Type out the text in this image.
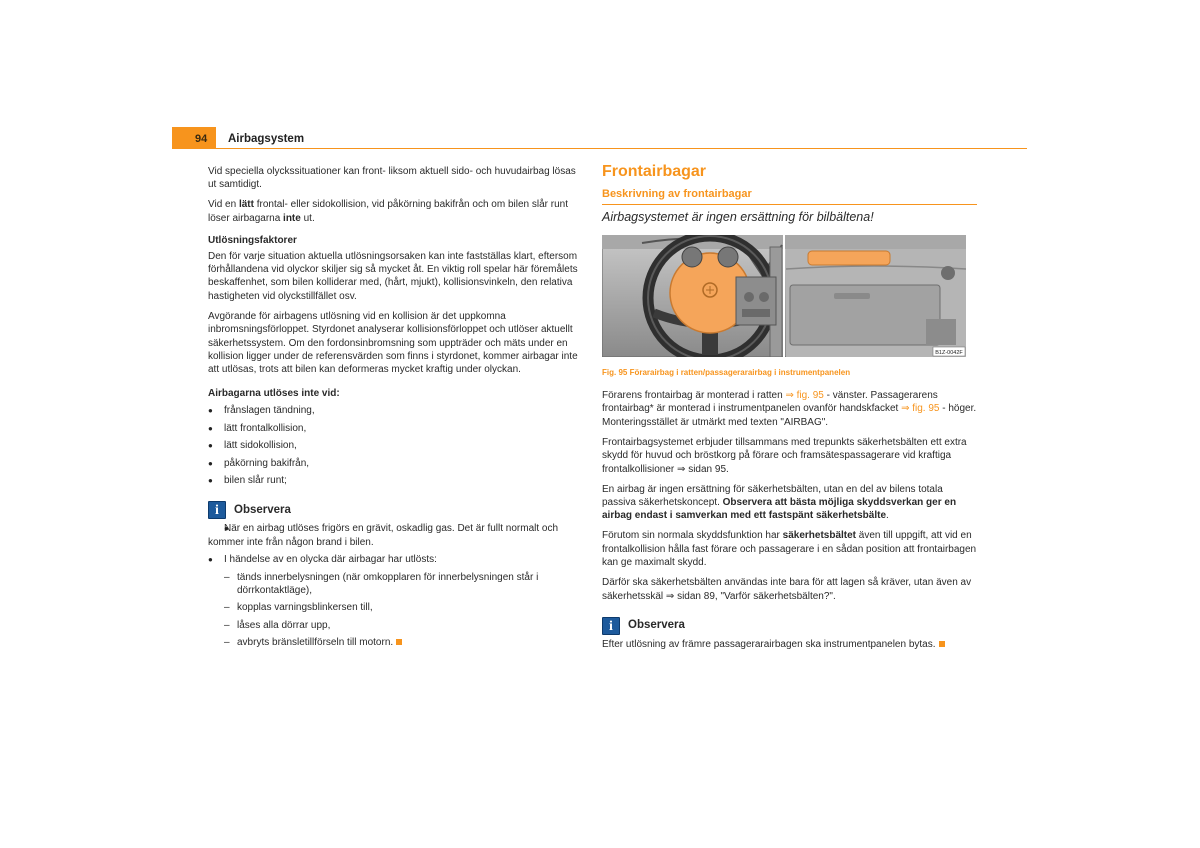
94 Airbagsystem

Vid speciella olyckssituationer kan front- liksom aktuell sido- och huvudairbag lösas ut samtidigt.

Vid en lätt frontal- eller sidokollision, vid påkörning bakifrån och om bilen slår runt löser airbagarna inte ut.

Utlösningsfaktorer

Den för varje situation aktuella utlösningsorsaken kan inte fastställas klart, eftersom förhållandena vid olyckor skiljer sig så mycket åt. En viktig roll spelar här föremålets beskaffenhet, som bilen kolliderar med, (hårt, mjukt), kollisionsvinkeln, den relativa hastigheten vid olyckstillfället osv.

Avgörande för airbagens utlösning vid en kollision är det uppkomna inbromsningsförloppet. Styrdonet analyserar kollisionsförloppet och utlöser aktuellt säkerhetssystem. Om den fordonsinbromsning som uppträder och mäts under en kollision ligger under de referensvärden som finns i styrdonet, kommer airbagar inte att utlösas, trots att bilen kan deformeras mycket kraftig under olyckan.

Airbagarna utlöses inte vid:
● frånslagen tändning,
● lätt frontalkollision,
● lätt sidokollision,
● påkörning bakifrån,
● bilen slår runt;
i	Observera
● När en airbag utlöses frigörs en grävit, oskadlig gas. Det är fullt normalt och kommer inte från någon brand i bilen.
● I händelse av en olycka där airbagar har utlösts:
– tänds innerbelysningen (när omkopplaren för innerbelysningen står i dörrkontaktläge),
– kopplas varningsblinkersen till,
– låses alla dörrar upp,
– avbryts bränsletillförseln till motorn.
Frontairbagar
Beskrivning av frontairbagar
Airbagsystemet är ingen ersättning för bilbältena!
B1Z-0042F
Fig. 95 Förarairbag i ratten/passagerarairbag i instrumentpanelen

Förarens frontairbag är monterad i ratten ⇒ fig. 95 - vänster. Passagerarens frontairbag* är monterad i instrumentpanelen ovanför handskfacket ⇒ fig. 95 - höger. Monteringsstället är utmärkt med texten "AIRBAG".

Frontairbagsystemet erbjuder tillsammans med trepunkts säkerhetsbälten ett extra skydd för huvud och bröstkorg på förare och framsätespassagerare vid kraftiga frontalkollisioner ⇒ sidan 95.

En airbag är ingen ersättning för säkerhetsbälten, utan en del av bilens totala passiva säkerhetskoncept. Observera att bästa möjliga skyddsverkan ger en airbag endast i samverkan med ett fastspänt säkerhetsbälte.

Förutom sin normala skyddsfunktion har säkerhetsbältet även till uppgift, att vid en frontalkollision hålla fast förare och passagerare i en sådan position att frontairbagen kan ge maximalt skydd.

Därför ska säkerhetsbälten användas inte bara för att lagen så kräver, utan även av säkerhetsskäl ⇒ sidan 89, "Varför säkerhetsbälten?".

i	Observera

Efter utlösning av främre passagerarairbagen ska instrumentpanelen bytas.
